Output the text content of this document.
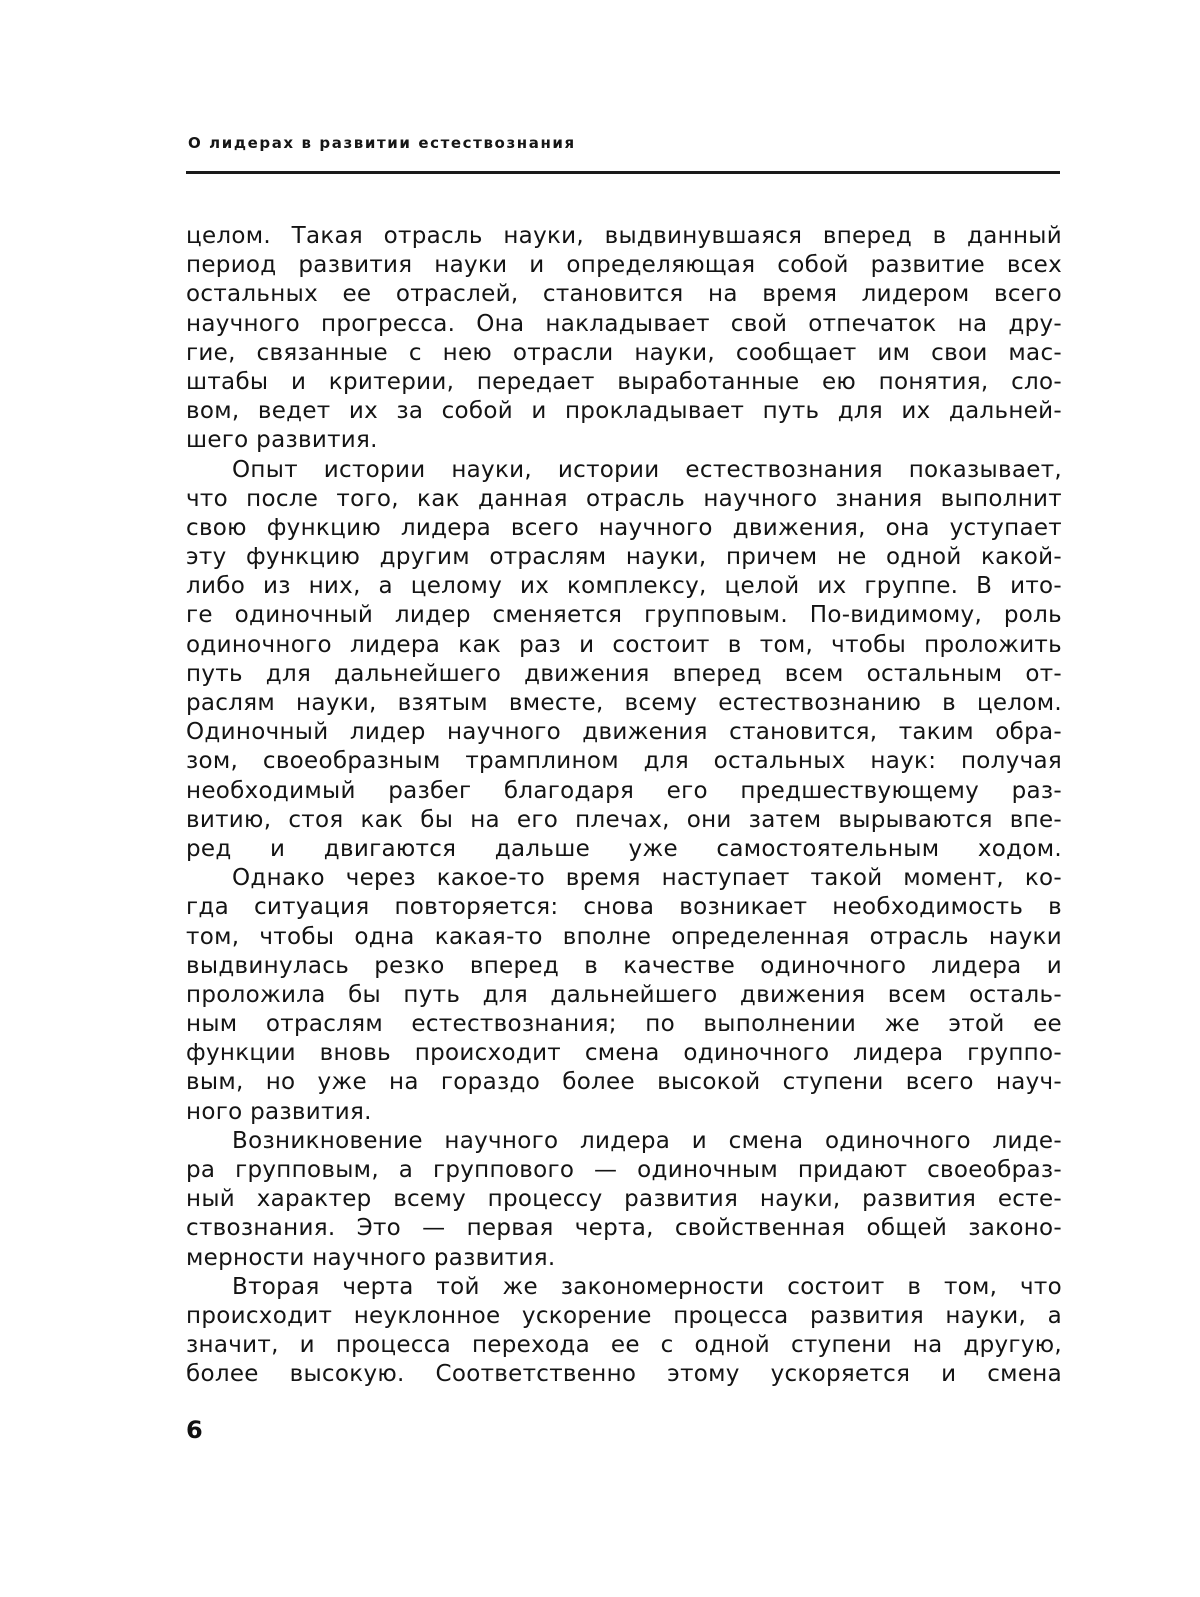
О лидерах в развитии естествознания
целом. Такая отрасль науки, выдвинувшаяся вперед в данный
период развития науки и определяющая собой развитие всех
остальных ее отраслей, становится на время лидером всего
научного прогресса. Она накладывает свой отпечаток на дру-
гие, связанные с нею отрасли науки, сообщает им свои мас-
штабы и критерии, передает выработанные ею понятия, сло-
вом, ведет их за собой и прокладывает путь для их дальней-
шего развития.
Опыт истории науки, истории естествознания показывает,
что после того, как данная отрасль научного знания выполнит
свою функцию лидера всего научного движения, она уступает
эту функцию другим отраслям науки, причем не одной какой-
либо из них, а целому их комплексу, целой их группе. В ито-
ге одиночный лидер сменяется групповым. По-видимому, роль
одиночного лидера как раз и состоит в том, чтобы проложить
путь для дальнейшего движения вперед всем остальным от-
раслям науки, взятым вместе, всему естествознанию в целом.
Одиночный лидер научного движения становится, таким обра-
зом, своеобразным трамплином для остальных наук: получая
необходимый разбег благодаря его предшествующему раз-
витию, стоя как бы на его плечах, они затем вырываются впе-
ред и двигаются дальше уже самостоятельным ходом.
Однако через какое-то время наступает такой момент, ко-
гда ситуация повторяется: снова возникает необходимость в
том, чтобы одна какая-то вполне определенная отрасль науки
выдвинулась резко вперед в качестве одиночного лидера и
проложила бы путь для дальнейшего движения всем осталь-
ным отраслям естествознания; по выполнении же этой ее
функции вновь происходит смена одиночного лидера группо-
вым, но уже на гораздо более высокой ступени всего науч-
ного развития.
Возникновение научного лидера и смена одиночного лиде-
ра групповым, а группового — одиночным придают своеобраз-
ный характер всему процессу развития науки, развития есте-
ствознания. Это — первая черта, свойственная общей законо-
мерности научного развития.
Вторая черта той же закономерности состоит в том, что
происходит неуклонное ускорение процесса развития науки, а
значит, и процесса перехода ее с одной ступени на другую,
более высокую. Соответственно этому ускоряется и смена
6
